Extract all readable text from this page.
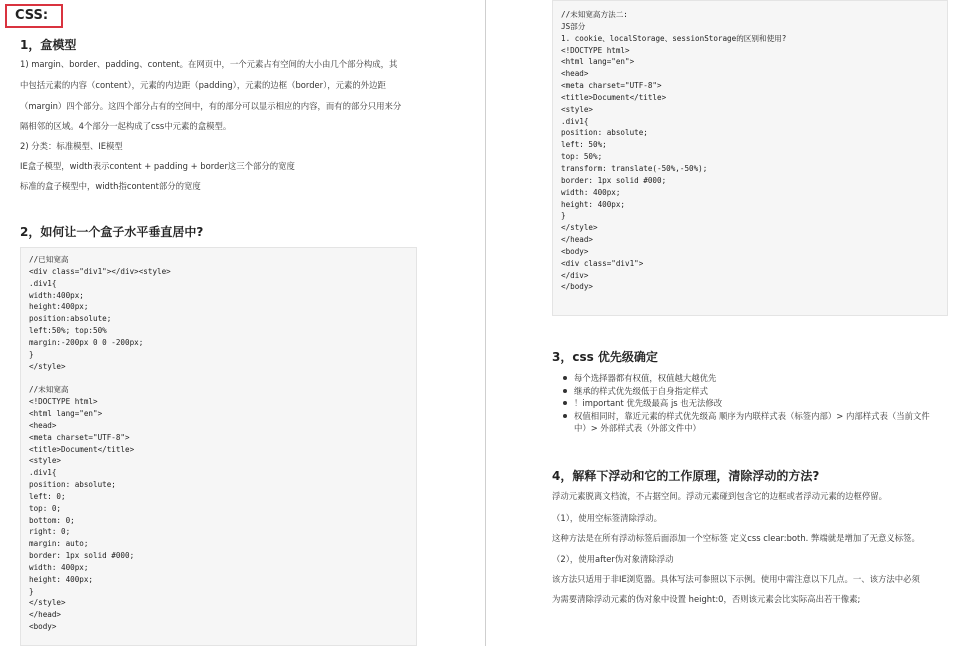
CSS:
1，盒模型
1) margin、border、padding、content。在网页中，一个元素占有空间的大小由几个部分构成，其
中包括元素的内容（content），元素的内边距（padding），元素的边框（border），元素的外边距
（margin）四个部分。这四个部分占有的空间中，有的部分可以显示相应的内容，而有的部分只用来分
隔相邻的区域。4个部分一起构成了css中元素的盒模型。
2) 分类：标准模型、IE模型
IE盒子模型，width表示content + padding + border这三个部分的宽度
标准的盒子模型中，width指content部分的宽度
2，如何让一个盒子水平垂直居中?
//已知宽高
<div class="div1"></div><style>
.div1{
width:400px;
height:400px;
position:absolute;
left:50%; top:50%
margin:-200px 0 0 -200px;
}
</style>
//未知宽高
<!DOCTYPE html>
<html lang="en">
<head>
<meta charset="UTF-8">
<title>Document</title>
<style>
.div1{
position: absolute;
left: 0;
top: 0;
bottom: 0;
right: 0;
margin: auto;
border: 1px solid #000;
width: 400px;
height: 400px;
}
</style>
</head>
<body>
//未知宽高方法二:
JS部分
1. cookie、localStorage、sessionStorage的区别和使用?
<!DOCTYPE html>
<html lang="en">
<head>
<meta charset="UTF-8">
<title>Document</title>
<style>
.div1{
position: absolute;
left: 50%;
top: 50%;
transform: translate(-50%,-50%);
border: 1px solid #000;
width: 400px;
height: 400px;
}
</style>
</head>
<body>
<div class="div1">
</div>
</body>
3，css 优先级确定
每个选择器都有权值，权值越大越优先
继承的样式优先级低于自身指定样式
！important 优先级最高 js 也无法修改
权值相同时，靠近元素的样式优先级高 顺序为内联样式表（标签内部）> 内部样式表（当前文件
中）> 外部样式表（外部文件中）
4，解释下浮动和它的工作原理，清除浮动的方法?
浮动元素脱离文档流，不占据空间。浮动元素碰到包含它的边框或者浮动元素的边框停留。
（1），使用空标签清除浮动。
这种方法是在所有浮动标签后面添加一个空标签 定义css clear:both. 弊端就是增加了无意义标签。
（2），使用after伪对象清除浮动
该方法只适用于非IE浏览器。具体写法可参照以下示例。使用中需注意以下几点。一、该方法中必须
为需要清除浮动元素的伪对象中设置 height:0，否则该元素会比实际高出若干像素;
